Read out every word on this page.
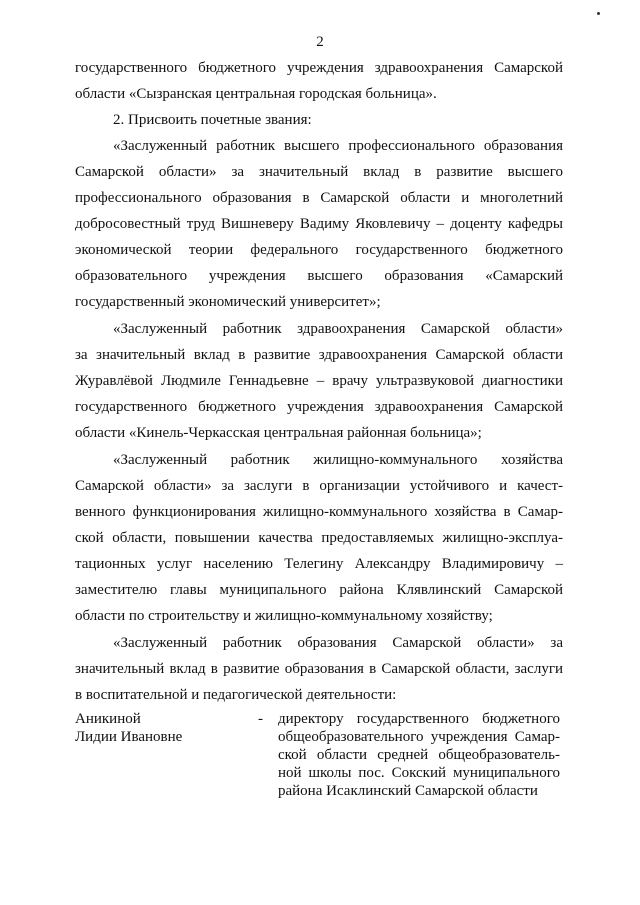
2
государственного бюджетного учреждения здравоохранения Самарской
области «Сызранская центральная городская больница».
2. Присвоить почетные звания:
«Заслуженный работник высшего профессионального образования
Самарской области» за значительный вклад в развитие высшего
профессионального образования в Самарской области и многолетний
добросовестный труд Вишневеру Вадиму Яковлевичу – доценту кафедры
экономической теории федерального государственного бюджетного
образовательного учреждения высшего образования «Самарский
государственный экономический университет»;
«Заслуженный работник здравоохранения Самарской области»
за значительный вклад в развитие здравоохранения Самарской области
Журавлёвой Людмиле Геннадьевне – врачу ультразвуковой диагностики
государственного бюджетного учреждения здравоохранения Самарской
области «Кинель-Черкасская центральная районная больница»;
«Заслуженный работник жилищно-коммунального хозяйства
Самарской области» за заслуги в организации устойчивого и качест-
венного функционирования жилищно-коммунального хозяйства в Самар-
ской области, повышении качества предоставляемых жилищно-эксплуа-
тационных услуг населению Телегину Александру Владимировичу –
заместителю главы муниципального района Клявлинский Самарской
области по строительству и жилищно-коммунальному хозяйству;
«Заслуженный работник образования Самарской области» за
значительный вклад в развитие образования в Самарской области, заслуги
в воспитательной и педагогической деятельности:
Аникиной
Лидии Ивановне
- директору государственного бюджетного
общеобразовательного учреждения Самар-
ской области средней общеобразователь-
ной школы пос. Сокский муниципального
района Исаклинский Самарской области
